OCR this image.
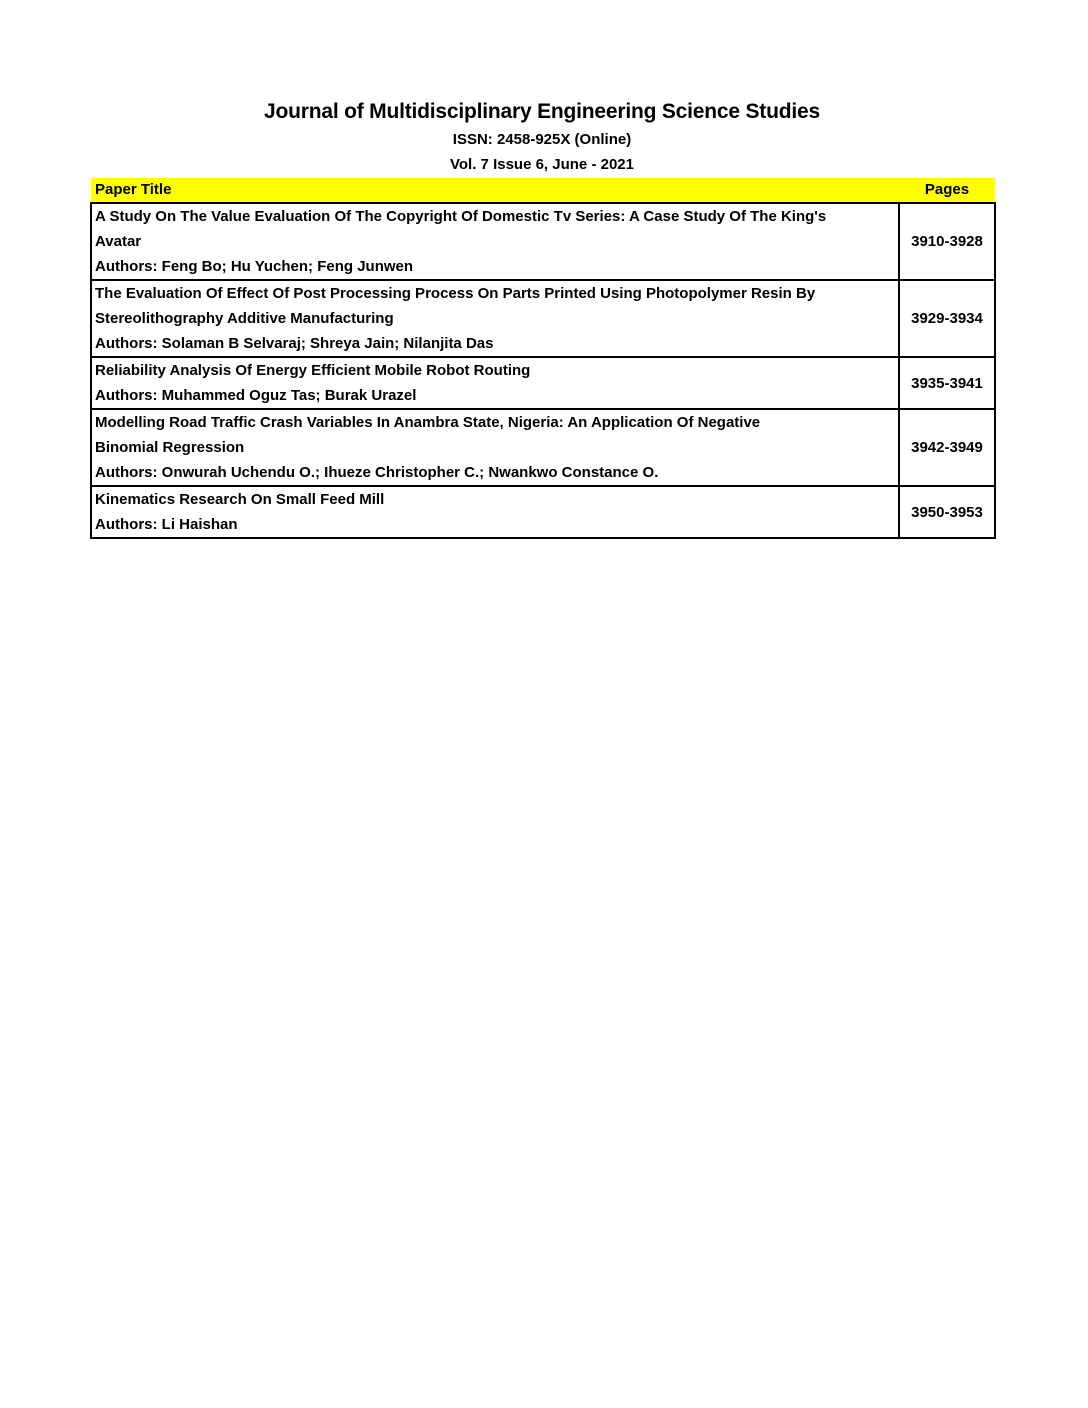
Journal of Multidisciplinary Engineering Science Studies
ISSN: 2458-925X (Online)
Vol. 7 Issue 6, June - 2021
Paper Title	Pages

A Study On The Value Evaluation Of The Copyright Of Domestic Tv Series: A Case Study Of The King's
Avatar
Authors: Feng Bo; Hu Yuchen; Feng Junwen	3910-3928

The Evaluation Of Effect Of Post Processing Process On Parts Printed Using Photopolymer Resin By
Stereolithography Additive Manufacturing
Authors: Solaman B Selvaraj; Shreya Jain; Nilanjita Das	3929-3934

Reliability Analysis Of Energy Efficient Mobile Robot Routing
Authors: Muhammed Oguz Tas; Burak Urazel	3935-3941

Modelling Road Traffic Crash Variables In Anambra State, Nigeria: An Application Of Negative
Binomial Regression
Authors: Onwurah Uchendu O.; Ihueze Christopher C.; Nwankwo Constance O.	3942-3949

Kinematics Research On Small Feed Mill
Authors: Li Haishan	3950-3953
